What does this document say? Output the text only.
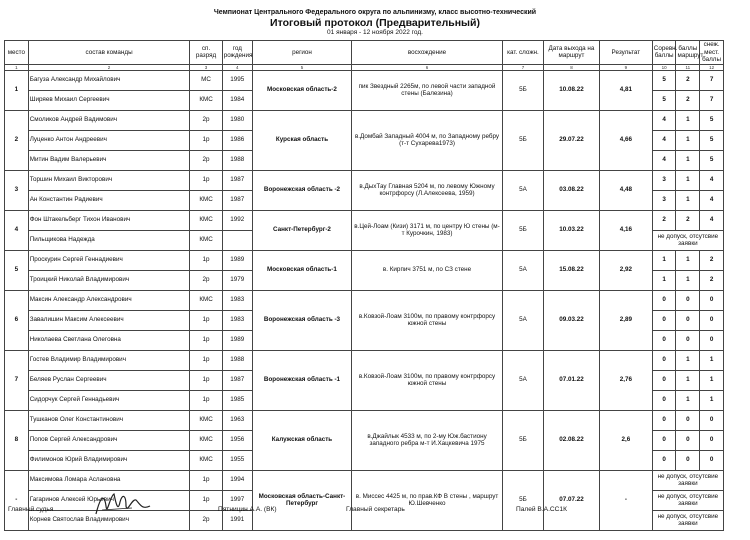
Чемпионат Центрального Федерального округа по альпинизму, класс высотно-технический
Итоговый протокол (Предварительный)
01 января - 12 ноября 2022 год.
место	состав команды	сп. разряд	год рождения	регион	восхождение	кат. сложн.	Дата выхода на маршрут	Результат	Соревн. баллы	баллы маршрут	снеж. мест. баллы
1	2	3	4	5	6	7	8	9	10	11	12
1	Багуза Александр Михайлович	МС	1995	Московская область-2	пик Звездный 2265м, по левой части западной стены (Балезина)	5Б	10.08.22	4,81	5	2	7
	Ширяев Михаил Сергеевич	КМС	1984						5	2	7
2	Смоликов Андрей Вадимович	2р	1980	Курская область	в.Домбай Западный 4004 м, по Западному ребру (т-т Сухарева1973)	5Б	29.07.22	4,66	4	1	5
	Луценко Антон Андреевич	1р	1986						4	1	5
	Митин Вадим Валерьевич	2р	1988						4	1	5
3	Торшин Михаил Викторович	1р	1987	Воронежская область -2	в.ДыхТау Главная 5204 м, по левому Южному контрфорсу (Л.Алексеева, 1959)	5А	03.08.22	4,48	3	1	4
	Ан Константин Радиевич	КМС	1987						3	1	4
4	Фон Штакельберг Тихон Иванович	КМС	1992	Санкт-Петербург-2	в.Цей-Лоам (Кизи) 3171 м, по центру Ю стены (м-т Курочкин, 1983)	5Б	10.03.22	4,16	2	2	4
	Пильщикова Надежда	КМС							не допуск, отсутсвие заявки		
5	Проскурин Сергей Геннадиевич	1р	1989	Московская область-1	в. Кирпич 3751 м, по СЗ стене	5А	15.08.22	2,92	1	1	2
	Троицкий Николай Владимирович	2р	1979						1	1	2
6	Максин Александр Александрович	КМС	1983	Воронежская область -3	в.Ковзой-Лоам 3100м, по правому контрфорсу южной стены	5А	09.03.22	2,89	0	0	0
	Завалишин Максим Алексеевич	1р	1983						0	0	0
	Николаева Светлана Олеговна	1р	1989						0	0	0
7	Гостев Владимир Владимирович	1р	1988	Воронежская область -1	в.Ковзой-Лоам 3100м, по правому контрфорсу южной стены	5А	07.01.22	2,76	0	1	1
	Беляев Руслан Сергеевич	1р	1987						0	1	1
	Сидорчук Сергей Геннадьевич	1р	1985						0	1	1
8	Тушканов Олег Константинович	КМС	1963	Калужская область	в.Джайлык 4533 м, по 2-му Юж.бастиону западного ребра м-т И.Хацкевича 1975	5Б	02.08.22	2,6	0	0	0
	Попов Сергей Александрович	КМС	1956						0	0	0
	Филимонов Юрий Владимирович	КМС	1955						0	0	0
-	Максимова Ломара Аслановна	1р	1994	Московская область-Санкт-Петербург	в. Миссес 4425 м, по прав.КФ В стены , маршрут Ю.Шевченко	5Б	07.07.22	-	не допуск, отсутсвие заявки		
	Гагаринов Алексей Юрьевич	1р	1997						не допуск, отсутсвие заявки		
	Корнев Святослав Владимирович	2р	1991						не допуск, отсутсвие заявки		
Главный судья	Пятницин А.А. (ВК)	Главный секретарь	Палей В.А.СС1К
